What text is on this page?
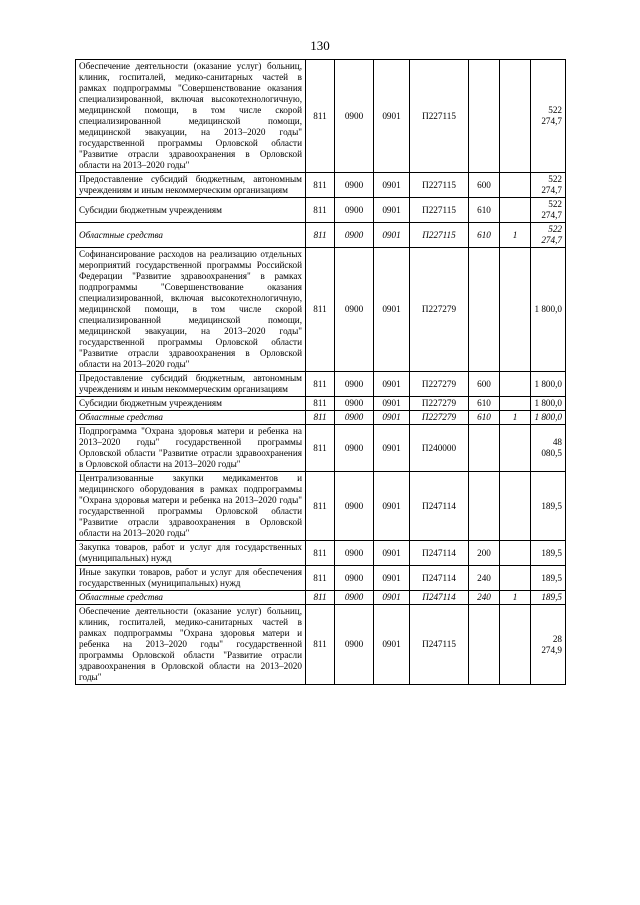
130
Обеспечение деятельности (оказание услуг) больниц, клиник, госпиталей, медико-санитарных частей в рамках подпрограммы "Совершенствование оказания специализированной, включая высокотехнологичную, медицинской помощи, в том числе скорой специализированной медицинской помощи, медицинской эвакуации, на 2013–2020 годы" государственной программы Орловской области "Развитие отрасли здравоохранения в Орловской области на 2013–2020 годы"	811	0900	0901	П227115			522 274,7
Предоставление субсидий бюджетным, автономным учреждениям и иным некоммерческим организациям	811	0900	0901	П227115	600		522 274,7
Субсидии бюджетным учреждениям	811	0900	0901	П227115	610		522 274,7
Областные средства	811	0900	0901	П227115	610	1	522 274,7
Софинансирование расходов на реализацию отдельных мероприятий государственной программы Российской Федерации "Развитие здравоохранения" в рамках подпрограммы "Совершенствование оказания специализированной, включая высокотехнологичную, медицинской помощи, в том числе скорой специализированной медицинской помощи, медицинской эвакуации, на 2013–2020 годы" государственной программы Орловской области "Развитие отрасли здравоохранения в Орловской области на 2013–2020 годы"	811	0900	0901	П227279			1 800,0
Предоставление субсидий бюджетным, автономным учреждениям и иным некоммерческим организациям	811	0900	0901	П227279	600		1 800,0
Субсидии бюджетным учреждениям	811	0900	0901	П227279	610		1 800,0
Областные средства	811	0900	0901	П227279	610	1	1 800,0
Подпрограмма "Охрана здоровья матери и ребенка на 2013–2020 годы" государственной программы Орловской области "Развитие отрасли здравоохранения в Орловской области на 2013–2020 годы"	811	0900	0901	П240000			48 080,5
Централизованные закупки медикаментов и медицинского оборудования в рамках подпрограммы "Охрана здоровья матери и ребенка на 2013–2020 годы" государственной программы Орловской области "Развитие отрасли здравоохранения в Орловской области на 2013–2020 годы"	811	0900	0901	П247114			189,5
Закупка товаров, работ и услуг для государственных (муниципальных) нужд	811	0900	0901	П247114	200		189,5
Иные закупки товаров, работ и услуг для обеспечения государственных (муниципальных) нужд	811	0900	0901	П247114	240		189,5
Областные средства	811	0900	0901	П247114	240	1	189,5
Обеспечение деятельности (оказание услуг) больниц, клиник, госпиталей, медико-санитарных частей в рамках подпрограммы "Охрана здоровья матери и ребенка на 2013–2020 годы" государственной программы Орловской области "Развитие отрасли здравоохранения в Орловской области на 2013–2020 годы"	811	0900	0901	П247115			28 274,9
